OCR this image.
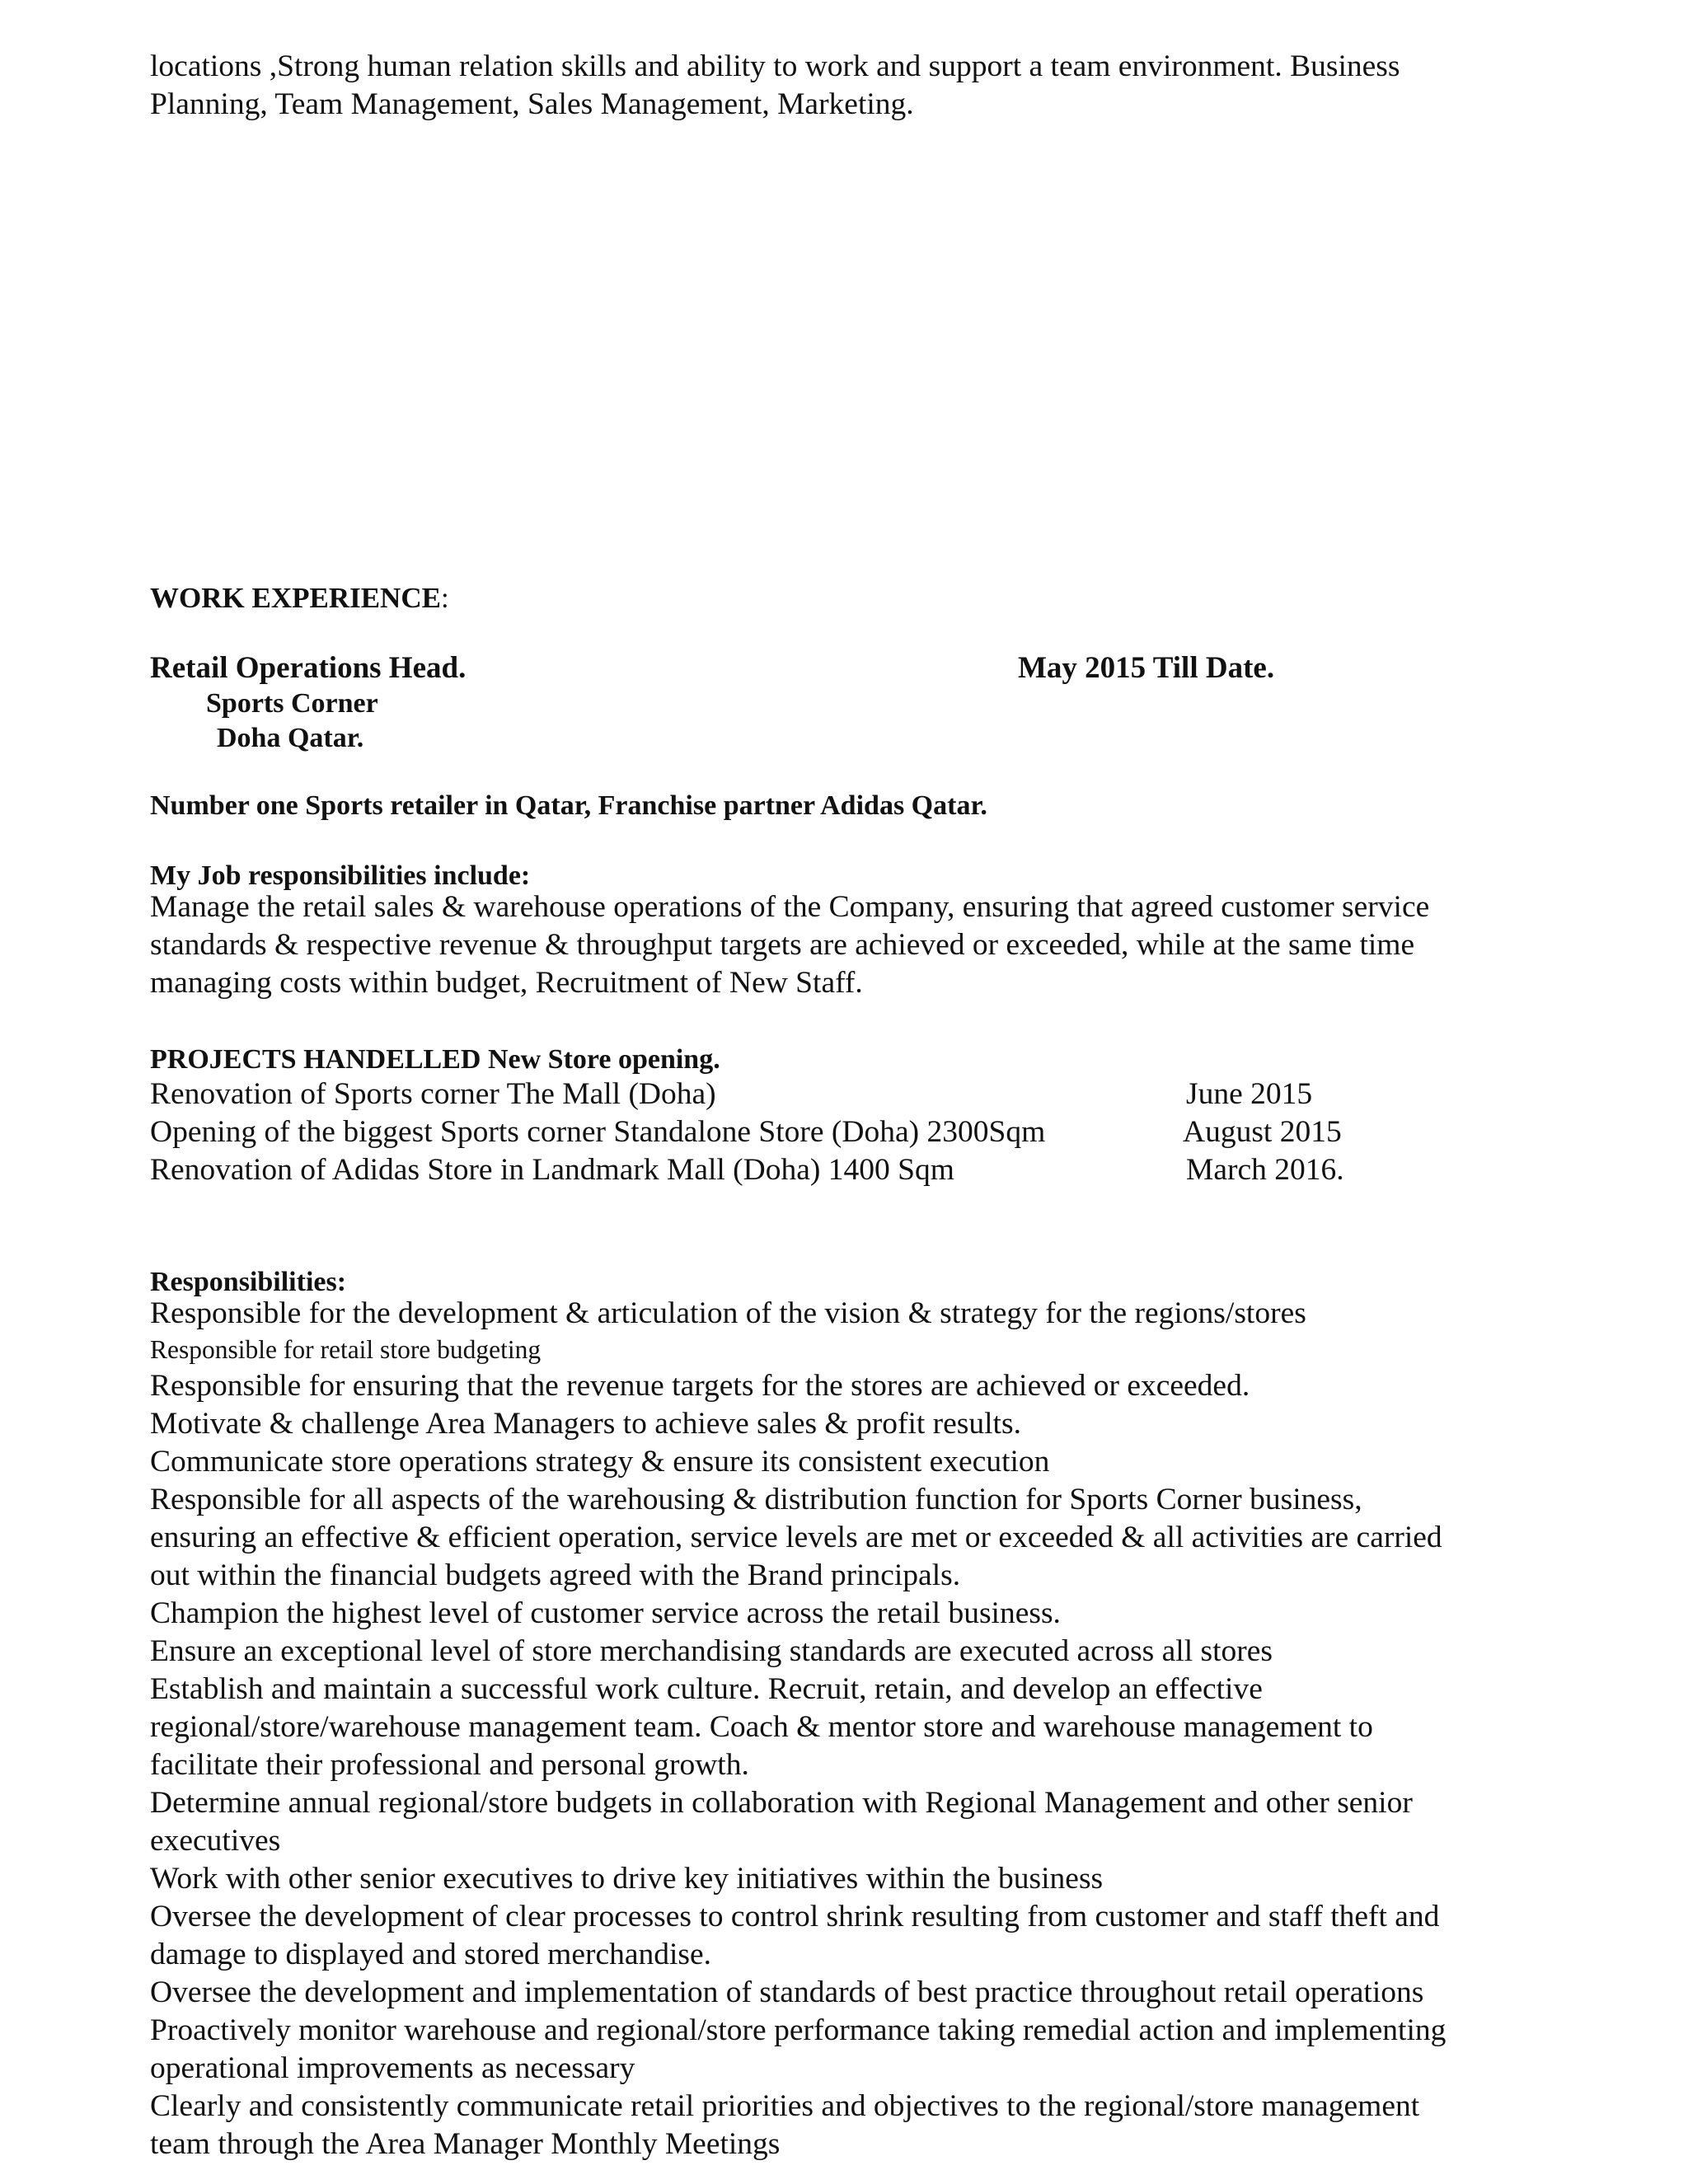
locations ,Strong human relation skills and ability to work and support a team environment. Business

Planning, Team Management, Sales Management, Marketing.

WORK EXPERIENCE:
Retail Operations Head.	May 2015 Till Date.
Sports Corner
Doha Qatar.
Number one Sports retailer in Qatar, Franchise partner Adidas Qatar.
My Job responsibilities include:

Manage the retail sales & warehouse operations of the Company, ensuring that agreed customer service

standards & respective revenue & throughput targets are achieved or exceeded, while at the same time

managing costs within budget, Recruitment of New Staff.

PROJECTS HANDELLED New Store opening.
Renovation of Sports corner The Mall (Doha)	June 2015
Opening of the biggest Sports corner Standalone Store (Doha) 2300Sqm	August 2015
Renovation of Adidas Store in Landmark Mall (Doha) 1400 Sqm	March 2016.
Responsibilities:
Responsible for the development & articulation of the vision & strategy for the regions/stores
Responsible for retail store budgeting
Responsible for ensuring that the revenue targets for the stores are achieved or exceeded.
Motivate & challenge Area Managers to achieve sales & profit results.
Communicate store operations strategy & ensure its consistent execution
Responsible for all aspects of the warehousing & distribution function for Sports Corner business,
ensuring an effective & efficient operation, service levels are met or exceeded & all activities are carried
out within the financial budgets agreed with the Brand principals.
Champion the highest level of customer service across the retail business.
Ensure an exceptional level of store merchandising standards are executed across all stores
Establish and maintain a successful work culture. Recruit, retain, and develop an effective
regional/store/warehouse management team. Coach & mentor store and warehouse management to
facilitate their professional and personal growth.
Determine annual regional/store budgets in collaboration with Regional Management and other senior
executives
Work with other senior executives to drive key initiatives within the business
Oversee the development of clear processes to control shrink resulting from customer and staff theft and
damage to displayed and stored merchandise.
Oversee the development and implementation of standards of best practice throughout retail operations
Proactively monitor warehouse and regional/store performance taking remedial action and implementing
operational improvements as necessary
Clearly and consistently communicate retail priorities and objectives to the regional/store management
team through the Area Manager Monthly Meetings
